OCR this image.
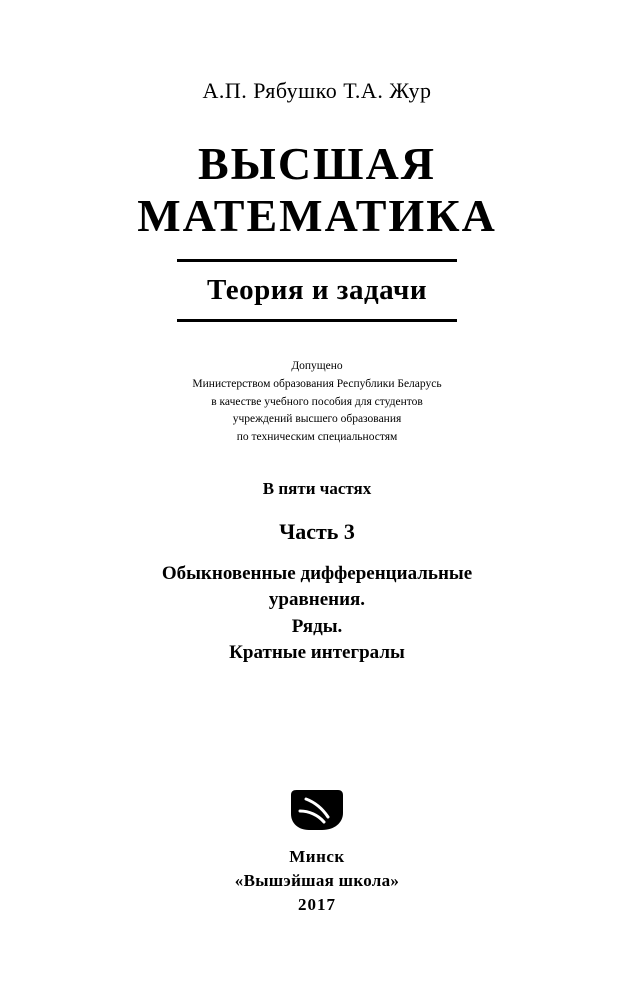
А.П. Рябушко Т.А. Жур
ВЫСШАЯ
МАТЕМАТИКА
Теория и задачи
Допущено
Министерством образования Республики Беларусь
в качестве учебного пособия для студентов
учреждений высшего образования
по техническим специальностям
В пяти частях
Часть 3
Обыкновенные дифференциальные
уравнения.
Ряды.
Кратные интегралы
Минск
«Вышэйшая школа»
2017
